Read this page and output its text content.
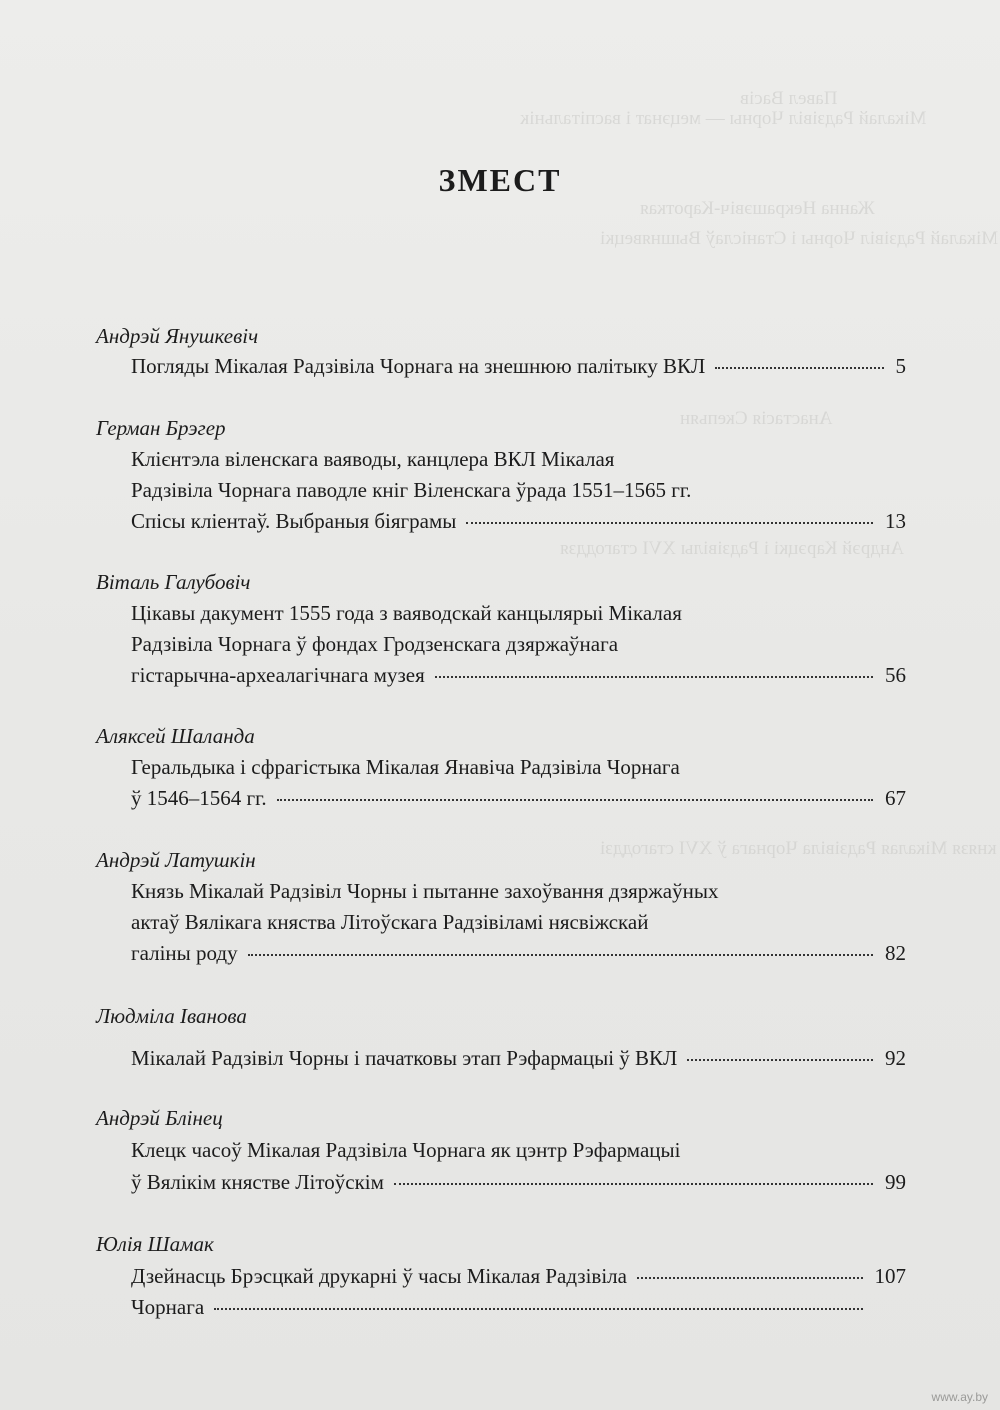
Павел Васів
Мікалай Радзівіл Чорны — мецэнат і васпітальнік
Жанна Некрашэвіч-Кароткая
Мікалай Радзівіл Чорны і Станіслаў Вышнявецкі
Анастасія Скепьян
Андрэй Карэцкі і Радзівілы ХVI стагоддзя
князя Мікалая Радзівіла Чорнага ў ХVI стагоддзі
ЗМЕСТ
Андрэй Янушкевіч
Погляды Мікалая Радзівіла Чорнага на знешнюю палітыку ВКЛ	5
Герман Брэгер
Клієнтэла віленскага ваяводы, канцлера ВКЛ Мікалая
Радзівіла Чорнага паводле кніг Віленскага ўрада 1551–1565 гг.
Спісы кліентаў. Выбраныя біяграмы	13
Віталь Галубовіч
Цікавы дакумент 1555 года з ваяводскай канцылярыі Мікалая
Радзівіла Чорнага ў фондах Гродзенскага дзяржаўнага
гістарычна-археалагічнага музея	56
Аляксей Шаланда
Геральдыка і сфрагістыка Мікалая Янавіча Радзівіла Чорнага
ў 1546–1564 гг.	67
Андрэй Латушкін
Князь Мікалай Радзівіл Чорны і пытанне захоўвання дзяржаўных
актаў Вялікага княства Літоўскага Радзівіламі нясвіжскай
галіны роду	82
Людміла Іванова
Мікалай Радзівіл Чорны і пачатковы этап Рэфармацыі ў ВКЛ	92
Андрэй Блінец
Клецк часоў Мікалая Радзівіла Чорнага як цэнтр Рэфармацыі
ў Вялікім княстве Літоўскім	99
Юлія Шамак
Дзейнасць Брэсцкай друкарні ў часы Мікалая Радзівіла	107
Чорнага
www.ay.by
